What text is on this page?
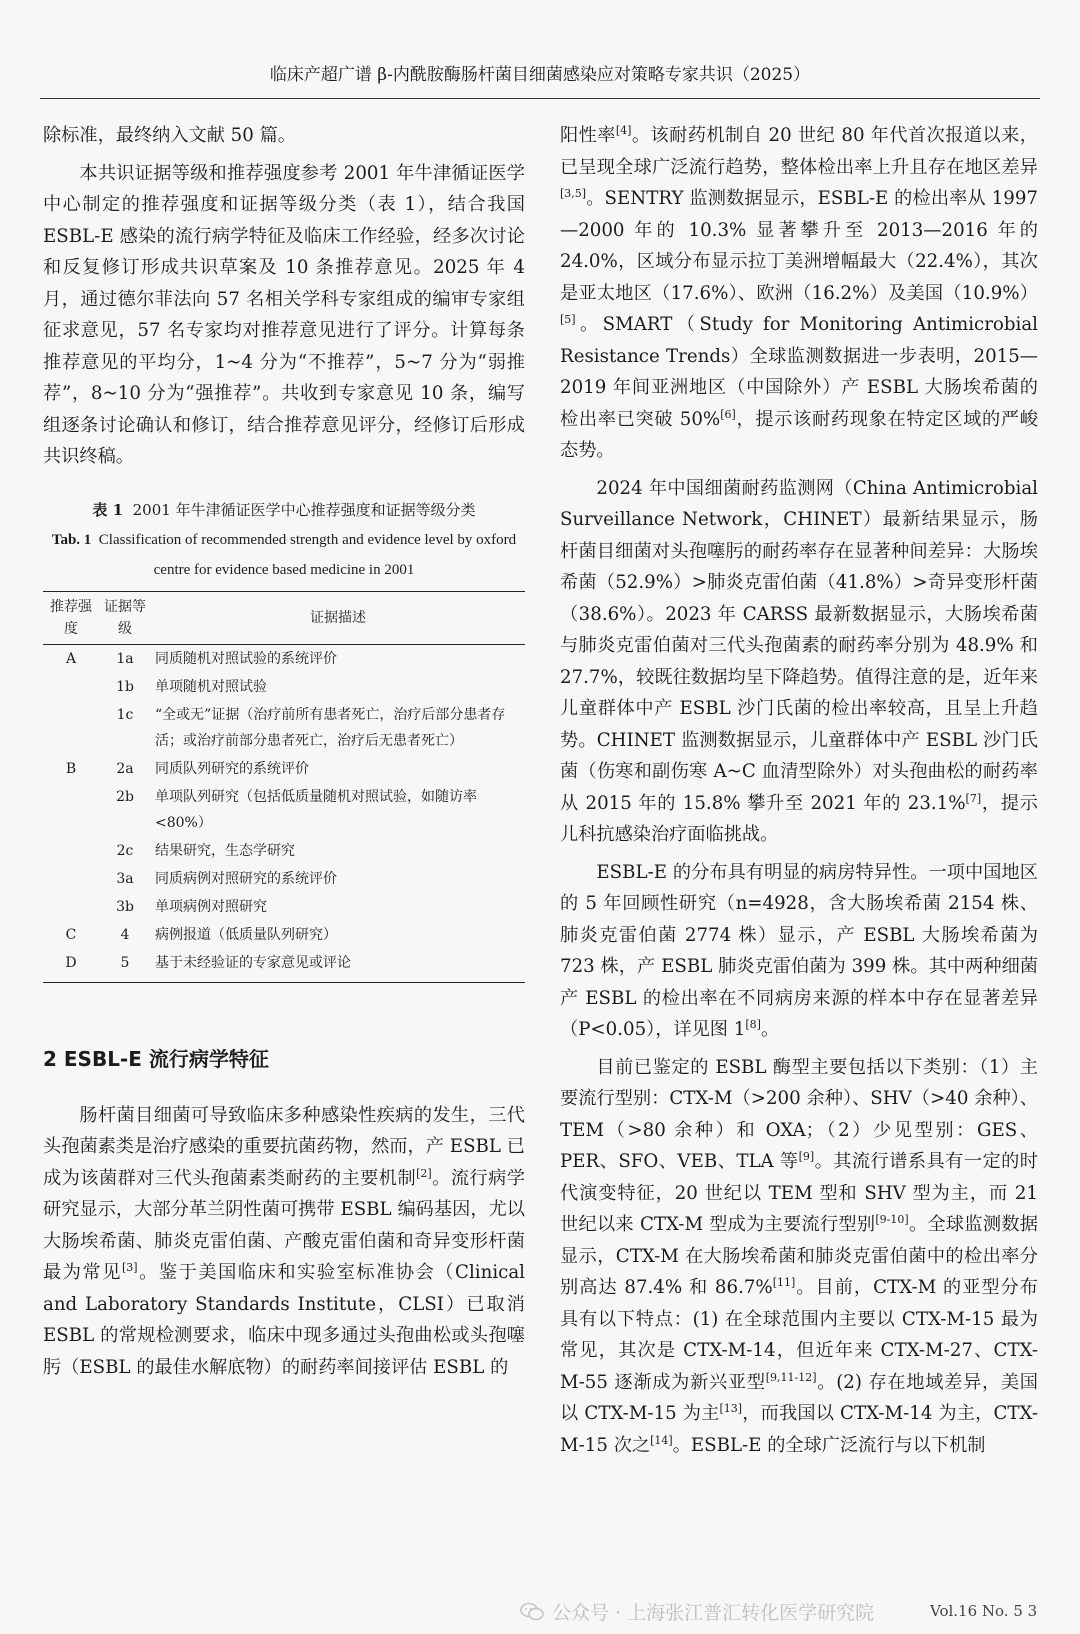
临床产超广谱 β-内酰胺酶肠杆菌目细菌感染应对策略专家共识（2025）

除标准，最终纳入文献 50 篇。

本共识证据等级和推荐强度参考 2001 年牛津循证医学中心制定的推荐强度和证据等级分类（表 1），结合我国 ESBL-E 感染的流行病学特征及临床工作经验，经多次讨论和反复修订形成共识草案及 10 条推荐意见。2025 年 4 月，通过德尔菲法向 57 名相关学科专家组成的编审专家组征求意见，57 名专家均对推荐意见进行了评分。计算每条推荐意见的平均分，1~4 分为“不推荐”，5~7 分为“弱推荐”，8~10 分为“强推荐”。共收到专家意见 10 条，编写组逐条讨论确认和修订，结合推荐意见评分，经修订后形成共识终稿。

表 1 2001 年牛津循证医学中心推荐强度和证据等级分类
Tab. 1 Classification of recommended strength and evidence level by oxford centre for evidence based medicine in 2001
推荐强度	证据等级	证据描述
A	1a	同质随机对照试验的系统评价
	1b	单项随机对照试验
	1c	“全或无”证据（治疗前所有患者死亡，治疗后部分患者存活；或治疗前部分患者死亡，治疗后无患者死亡）
B	2a	同质队列研究的系统评价
	2b	单项队列研究（包括低质量随机对照试验，如随访率<80%）
	2c	结果研究，生态学研究
	3a	同质病例对照研究的系统评价
	3b	单项病例对照研究
C	4	病例报道（低质量队列研究）
D	5	基于未经验证的专家意见或评论
2 ESBL-E 流行病学特征

肠杆菌目细菌可导致临床多种感染性疾病的发生，三代头孢菌素类是治疗感染的重要抗菌药物，然而，产 ESBL 已成为该菌群对三代头孢菌素类耐药的主要机制[2]。流行病学研究显示，大部分革兰阴性菌可携带 ESBL 编码基因，尤以大肠埃希菌、肺炎克雷伯菌、产酸克雷伯菌和奇异变形杆菌最为常见[3]。鉴于美国临床和实验室标准协会（Clinical and Laboratory Standards Institute，CLSI）已取消 ESBL 的常规检测要求，临床中现多通过头孢曲松或头孢噻肟（ESBL 的最佳水解底物）的耐药率间接评估 ESBL 的

阳性率[4]。该耐药机制自 20 世纪 80 年代首次报道以来，已呈现全球广泛流行趋势，整体检出率上升且存在地区差异[3,5]。SENTRY 监测数据显示，ESBL-E 的检出率从 1997—2000 年的 10.3% 显著攀升至 2013—2016 年的 24.0%，区域分布显示拉丁美洲增幅最大（22.4%），其次是亚太地区（17.6%）、欧洲（16.2%）及美国（10.9%）[5]。SMART（Study for Monitoring Antimicrobial Resistance Trends）全球监测数据进一步表明，2015—2019 年间亚洲地区（中国除外）产 ESBL 大肠埃希菌的检出率已突破 50%[6]，提示该耐药现象在特定区域的严峻态势。

2024 年中国细菌耐药监测网（China Antimicrobial Surveillance Network，CHINET）最新结果显示，肠杆菌目细菌对头孢噻肟的耐药率存在显著种间差异：大肠埃希菌（52.9%）>肺炎克雷伯菌（41.8%）>奇异变形杆菌（38.6%）。2023 年 CARSS 最新数据显示，大肠埃希菌与肺炎克雷伯菌对三代头孢菌素的耐药率分别为 48.9% 和 27.7%，较既往数据均呈下降趋势。值得注意的是，近年来儿童群体中产 ESBL 沙门氏菌的检出率较高，且呈上升趋势。CHINET 监测数据显示，儿童群体中产 ESBL 沙门氏菌（伤寒和副伤寒 A~C 血清型除外）对头孢曲松的耐药率从 2015 年的 15.8% 攀升至 2021 年的 23.1%[7]，提示儿科抗感染治疗面临挑战。

ESBL-E 的分布具有明显的病房特异性。一项中国地区的 5 年回顾性研究（n=4928，含大肠埃希菌 2154 株、肺炎克雷伯菌 2774 株）显示，产 ESBL 大肠埃希菌为 723 株，产 ESBL 肺炎克雷伯菌为 399 株。其中两种细菌产 ESBL 的检出率在不同病房来源的样本中存在显著差异（P<0.05），详见图 1[8]。

目前已鉴定的 ESBL 酶型主要包括以下类别：（1）主要流行型别：CTX-M（>200 余种）、SHV（>40 余种）、TEM（>80 余种）和 OXA；（2）少见型别：GES、PER、SFO、VEB、TLA 等[9]。其流行谱系具有一定的时代演变特征，20 世纪以 TEM 型和 SHV 型为主，而 21 世纪以来 CTX-M 型成为主要流行型别[9-10]。全球监测数据显示，CTX-M 在大肠埃希菌和肺炎克雷伯菌中的检出率分别高达 87.4% 和 86.7%[11]。目前，CTX-M 的亚型分布具有以下特点：(1) 在全球范围内主要以 CTX-M-15 最为常见，其次是 CTX-M-14，但近年来 CTX-M-27、CTX-M-55 逐渐成为新兴亚型[9,11-12]。(2) 存在地域差异，美国以 CTX-M-15 为主[13]，而我国以 CTX-M-14 为主，CTX-M-15 次之[14]。ESBL-E 的全球广泛流行与以下机制

公众号 · 上海张江普汇转化医学研究院	Vol.16 No. 5 3
